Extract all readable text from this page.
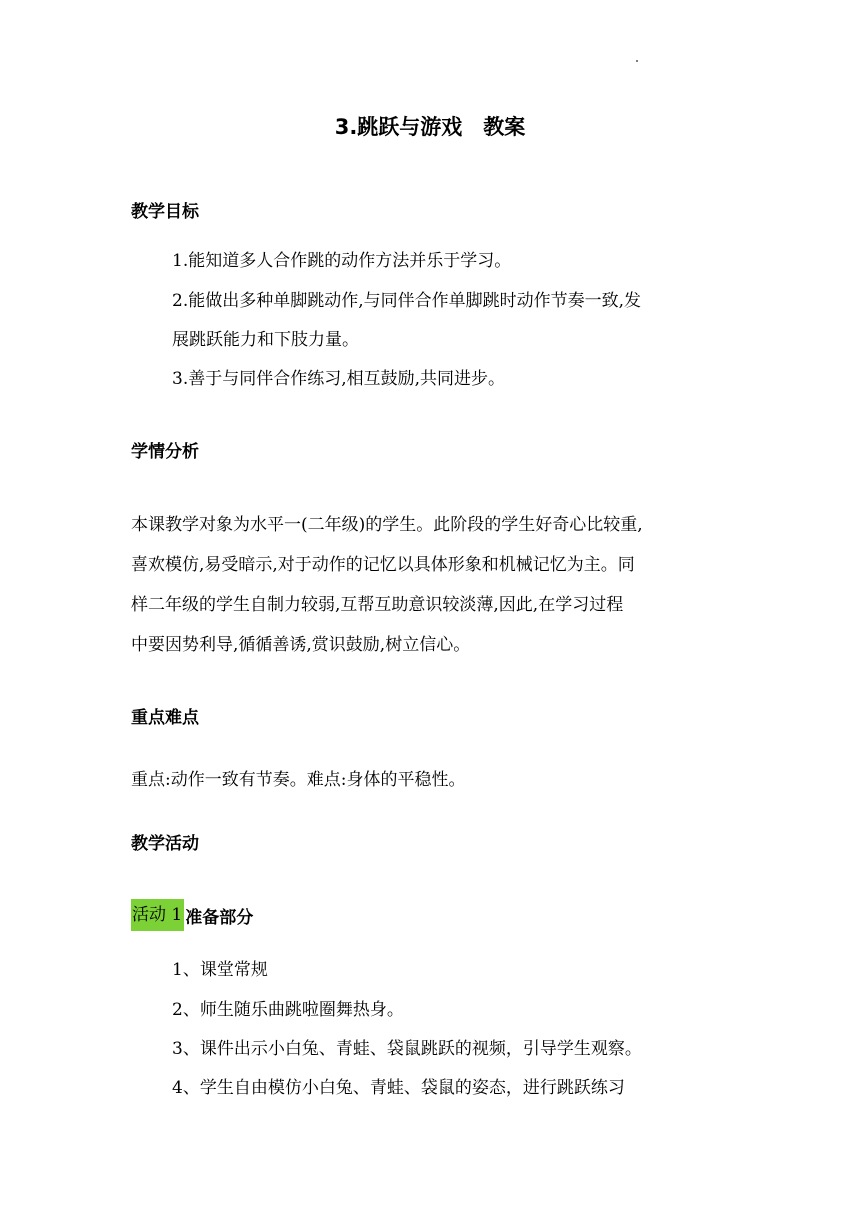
3.跳跃与游戏　教案
教学目标
1.能知道多人合作跳的动作方法并乐于学习。
2.能做出多种单脚跳动作,与同伴合作单脚跳时动作节奏一致,发
展跳跃能力和下肢力量。
3.善于与同伴合作练习,相互鼓励,共同进步。
学情分析
本课教学对象为水平一(二年级)的学生。此阶段的学生好奇心比较重,
喜欢模仿,易受暗示,对于动作的记忆以具体形象和机械记忆为主。同
样二年级的学生自制力较弱,互帮互助意识较淡薄,因此,在学习过程
中要因势利导,循循善诱,赏识鼓励,树立信心。
重点难点
重点:动作一致有节奏。难点:身体的平稳性。
教学活动
活动 1 准备部分
1、课堂常规
2、师生随乐曲跳啦圈舞热身。
3、课件出示小白兔、青蛙、袋鼠跳跃的视频，引导学生观察。
4、学生自由模仿小白兔、青蛙、袋鼠的姿态，进行跳跃练习
